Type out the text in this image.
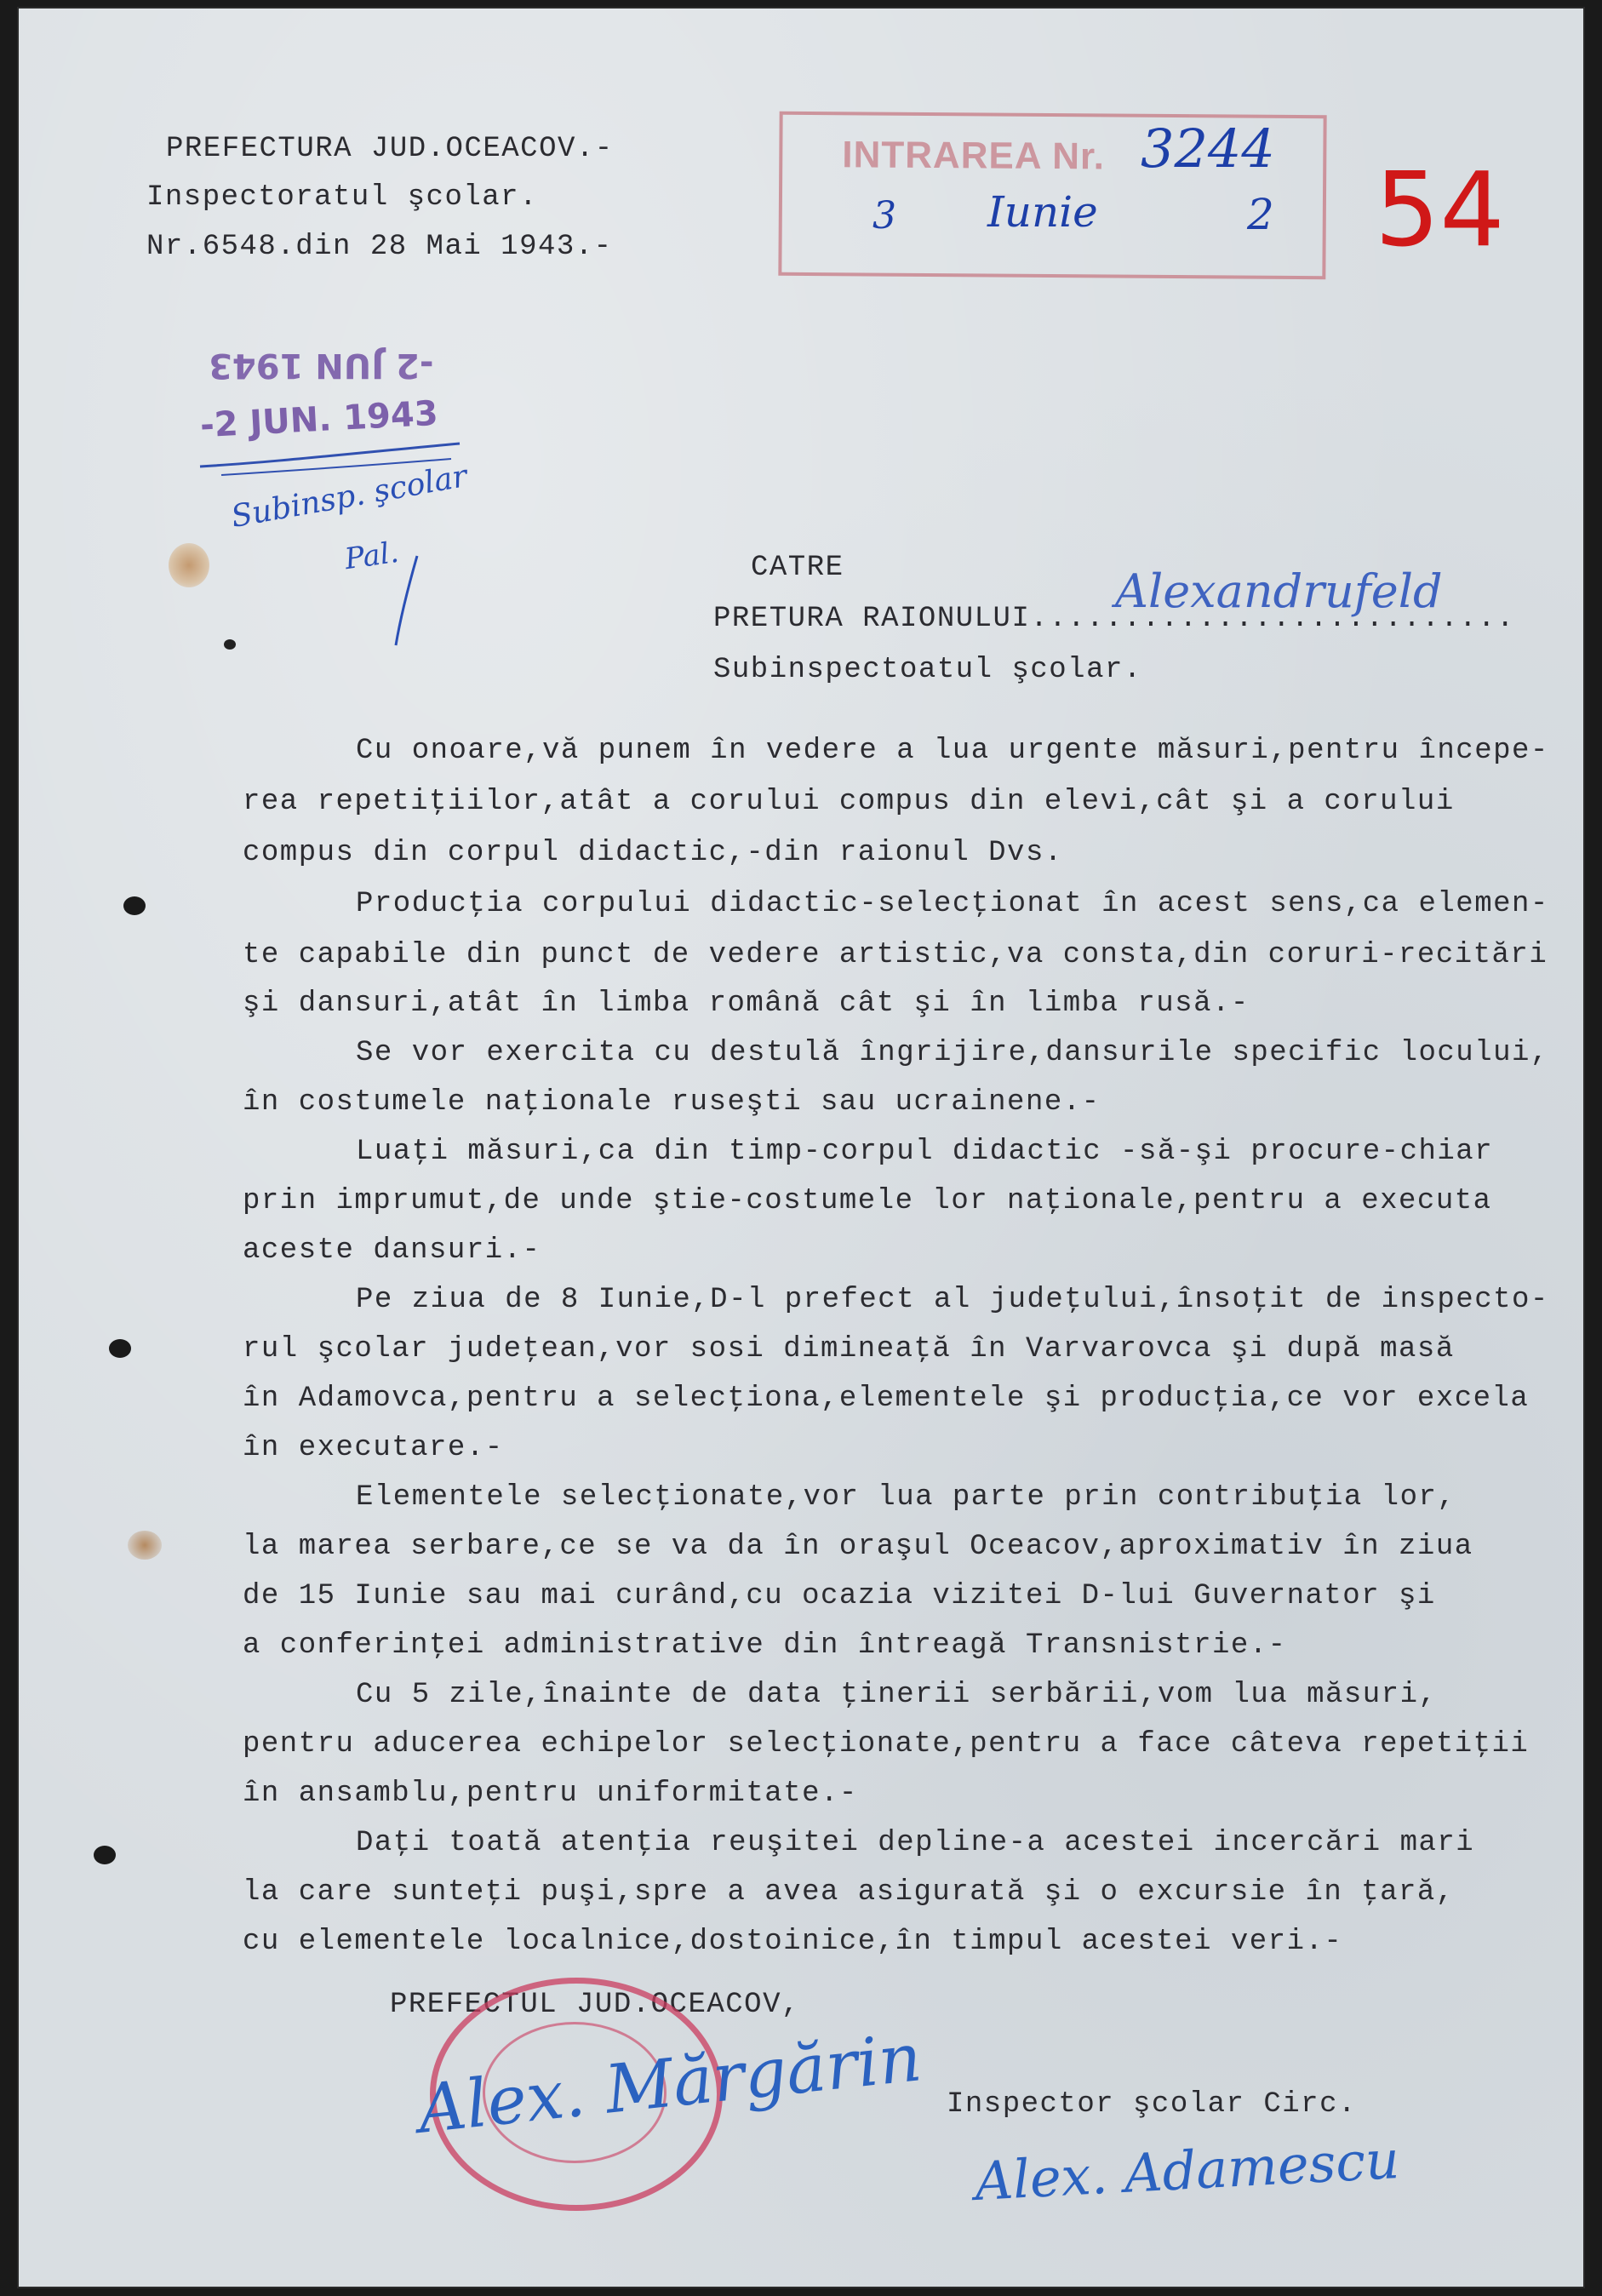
PREFECTURA JUD.OCEACOV.-
Inspectoratul şcolar.
Nr.6548.din 28 Mai 1943.-
INTRAREA Nr. 3244
3 Iunie	2 54
-2 JUN 1943
-2 JUN. 1943
Subinsp. şcolar
Pal.	CATRE
PRETURA RAIONULUI..........................
Alexandrufeld
Subinspectoatul şcolar.
Cu onoare,vă punem în vedere a lua urgente măsuri,pentru începe-
rea repetiţiilor,atât a corului compus din elevi,cât şi a corului
compus din corpul didactic,-din raionul Dvs.
Producţia corpului didactic-selecţionat în acest sens,ca elemen-
te capabile din punct de vedere artistic,va consta,din coruri-recitări
şi dansuri,atât în limba română cât şi în limba rusă.-
Se vor exercita cu destulă îngrijire,dansurile specific locului,
în costumele naţionale ruseşti sau ucrainene.-
Luaţi măsuri,ca din timp-corpul didactic -să-şi procure-chiar
prin imprumut,de unde ştie-costumele lor naţionale,pentru a executa
aceste dansuri.-
Pe ziua de 8 Iunie,D-l prefect al judeţului,însoţit de inspecto-
rul şcolar judeţean,vor sosi dimineaţă în Varvarovca şi după masă
în Adamovca,pentru a selecţiona,elementele şi producţia,ce vor excela
în executare.-
Elementele selecţionate,vor lua parte prin contribuţia lor,
la marea serbare,ce se va da în oraşul Oceacov,aproximativ în ziua
de 15 Iunie sau mai curând,cu ocazia vizitei D-lui Guvernator şi
a conferinţei administrative din întreagă Transnistrie.-
Cu 5 zile,înainte de data ţinerii serbării,vom lua măsuri,
pentru aducerea echipelor selecţionate,pentru a face câteva repetiţii
în ansamblu,pentru uniformitate.-
Daţi toată atenţia reuşitei depline-a acestei incercări mari
la care sunteţi puşi,spre a avea asigurată şi o excursie în ţară,
cu elementele localnice,dostoinice,în timpul acestei veri.-
PREFECTUL JUD.OCEACOV,
Alex. Mărgărin Inspector şcolar Circ.
Alex. Adamescu
